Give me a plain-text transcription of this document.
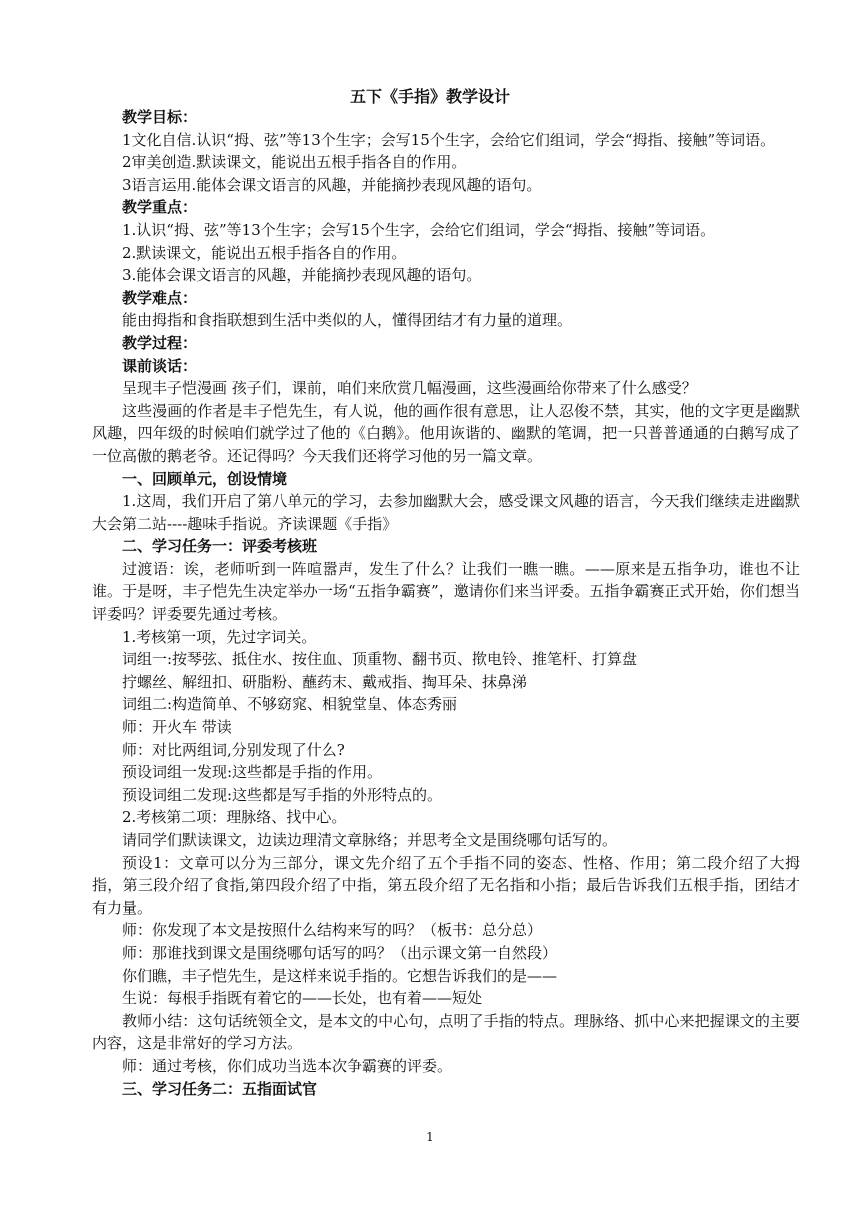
五下《手指》教学设计

教学目标：

1文化自信.认识“拇、弦”等13个生字；会写15个生字，会给它们组词，学会“拇指、接触”等词语。

2审美创造.默读课文，能说出五根手指各自的作用。

3语言运用.能体会课文语言的风趣，并能摘抄表现风趣的语句。

教学重点：

1.认识“拇、弦”等13个生字；会写15个生字，会给它们组词，学会“拇指、接触”等词语。

2.默读课文，能说出五根手指各自的作用。

3.能体会课文语言的风趣，并能摘抄表现风趣的语句。

教学难点：

能由拇指和食指联想到生活中类似的人，懂得团结才有力量的道理。

教学过程：

课前谈话：

呈现丰子恺漫画 孩子们，课前，咱们来欣赏几幅漫画，这些漫画给你带来了什么感受？

这些漫画的作者是丰子恺先生，有人说，他的画作很有意思，让人忍俊不禁，其实，他的文字更是幽默风趣，四年级的时候咱们就学过了他的《白鹅》。他用诙谐的、幽默的笔调，把一只普普通通的白鹅写成了一位高傲的鹅老爷。还记得吗？今天我们还将学习他的另一篇文章。

一、回顾单元，创设情境

1.这周，我们开启了第八单元的学习，去参加幽默大会，感受课文风趣的语言，今天我们继续走进幽默大会第二站----趣味手指说。齐读课题《手指》

二、学习任务一：评委考核班

过渡语：诶，老师听到一阵喧嚣声，发生了什么？让我们一瞧一瞧。——原来是五指争功，谁也不让谁。于是呀，丰子恺先生决定举办一场“五指争霸赛”，邀请你们来当评委。五指争霸赛正式开始，你们想当评委吗？评委要先通过考核。

1.考核第一项，先过字词关。

词组一:按琴弦、抵住水、按住血、顶重物、翻书页、揿电铃、推笔杆、打算盘

拧螺丝、解纽扣、研脂粉、蘸药末、戴戒指、掏耳朵、抹鼻涕

词组二:构造简单、不够窈窕、相貌堂皇、体态秀丽

师：开火车 带读

师：对比两组词,分别发现了什么?

预设词组一发现:这些都是手指的作用。

预设词组二发现:这些都是写手指的外形特点的。

2.考核第二项：理脉络、找中心。

请同学们默读课文，边读边理清文章脉络；并思考全文是围绕哪句话写的。

预设1：文章可以分为三部分，课文先介绍了五个手指不同的姿态、性格、作用；第二段介绍了大拇指，第三段介绍了食指,第四段介绍了中指，第五段介绍了无名指和小指；最后告诉我们五根手指，团结才有力量。

师：你发现了本文是按照什么结构来写的吗？（板书：总分总）

师：那谁找到课文是围绕哪句话写的吗？（出示课文第一自然段）

你们瞧，丰子恺先生，是这样来说手指的。它想告诉我们的是——

生说：每根手指既有着它的——长处，也有着——短处

教师小结：这句话统领全文，是本文的中心句，点明了手指的特点。理脉络、抓中心来把握课文的主要内容，这是非常好的学习方法。

师：通过考核，你们成功当选本次争霸赛的评委。

三、学习任务二：五指面试官

1
